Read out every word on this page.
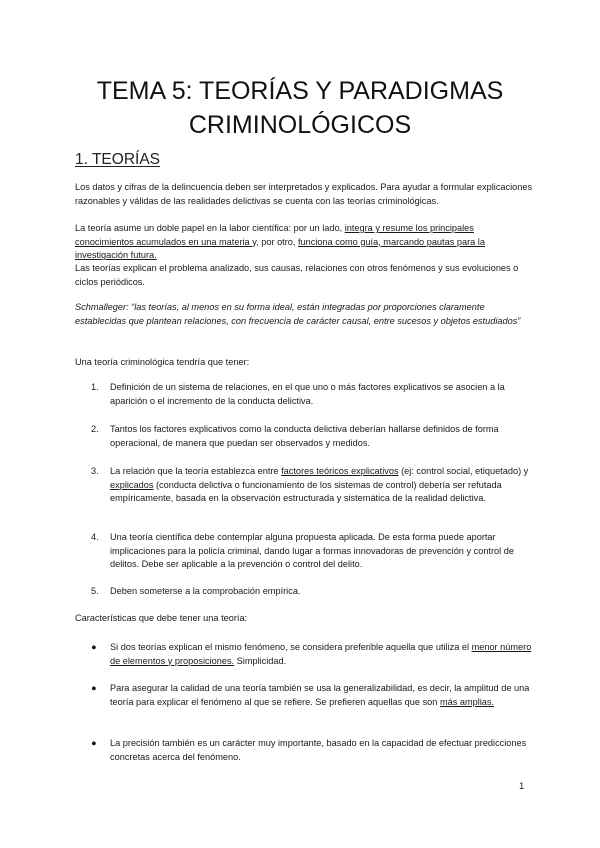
TEMA 5: TEORÍAS Y PARADIGMAS
CRIMINOLÓGICOS
1. TEORÍAS

Los datos y cifras de la delincuencia deben ser interpretados y explicados. Para ayudar a formular explicaciones razonables y válidas de las realidades delictivas se cuenta con las teorías criminológicas.

La teoría asume un doble papel en la labor científica: por un lado, integra y resume los principales conocimientos acumulados en una materia y, por otro, funciona como guía, marcando pautas para la investigación futura.

Las teorías explican el problema analizado, sus causas, relaciones con otros fenómenos y sus evoluciones o ciclos periódicos.

Schmalleger: “las teorías, al menos en su forma ideal, están integradas por proporciones claramente establecidas que plantean relaciones, con frecuencia de carácter causal, entre sucesos y objetos estudiados”

Una teoría criminológica tendría que tener:

1.	Definición de un sistema de relaciones, en el que uno o más factores explicativos se asocien a la aparición o el incremento de la conducta delictiva.
2.	Tantos los factores explicativos como la conducta delictiva deberían hallarse definidos de forma operacional, de manera que puedan ser observados y medidos.
3.	La relación que la teoría establezca entre factores teóricos explicativos (ej: control social, etiquetado) y explicados (conducta delictiva o funcionamiento de los sistemas de control) debería ser refutada empíricamente, basada en la observación estructurada y sistemática de la realidad delictiva.
4.	Una teoría científica debe contemplar alguna propuesta aplicada. De esta forma puede aportar implicaciones para la policía criminal, dando lugar a formas innovadoras de prevención y control de delitos. Debe ser aplicable a la prevención o control del delito.
5.	Deben someterse a la comprobación empírica.

Características que debe tener una teoría:

●	Si dos teorías explican el mismo fenómeno, se considera preferible aquella que utiliza el menor número de elementos y proposiciones. Simplicidad.
●	Para asegurar la calidad de una teoría también se usa la generalizabilidad, es decir, la amplitud de una teoría para explicar el fenómeno al que se refiere. Se prefieren aquellas que son más amplias.
●	La precisión también es un carácter muy importante, basado en la capacidad de efectuar predicciones concretas acerca del fenómeno.
1
